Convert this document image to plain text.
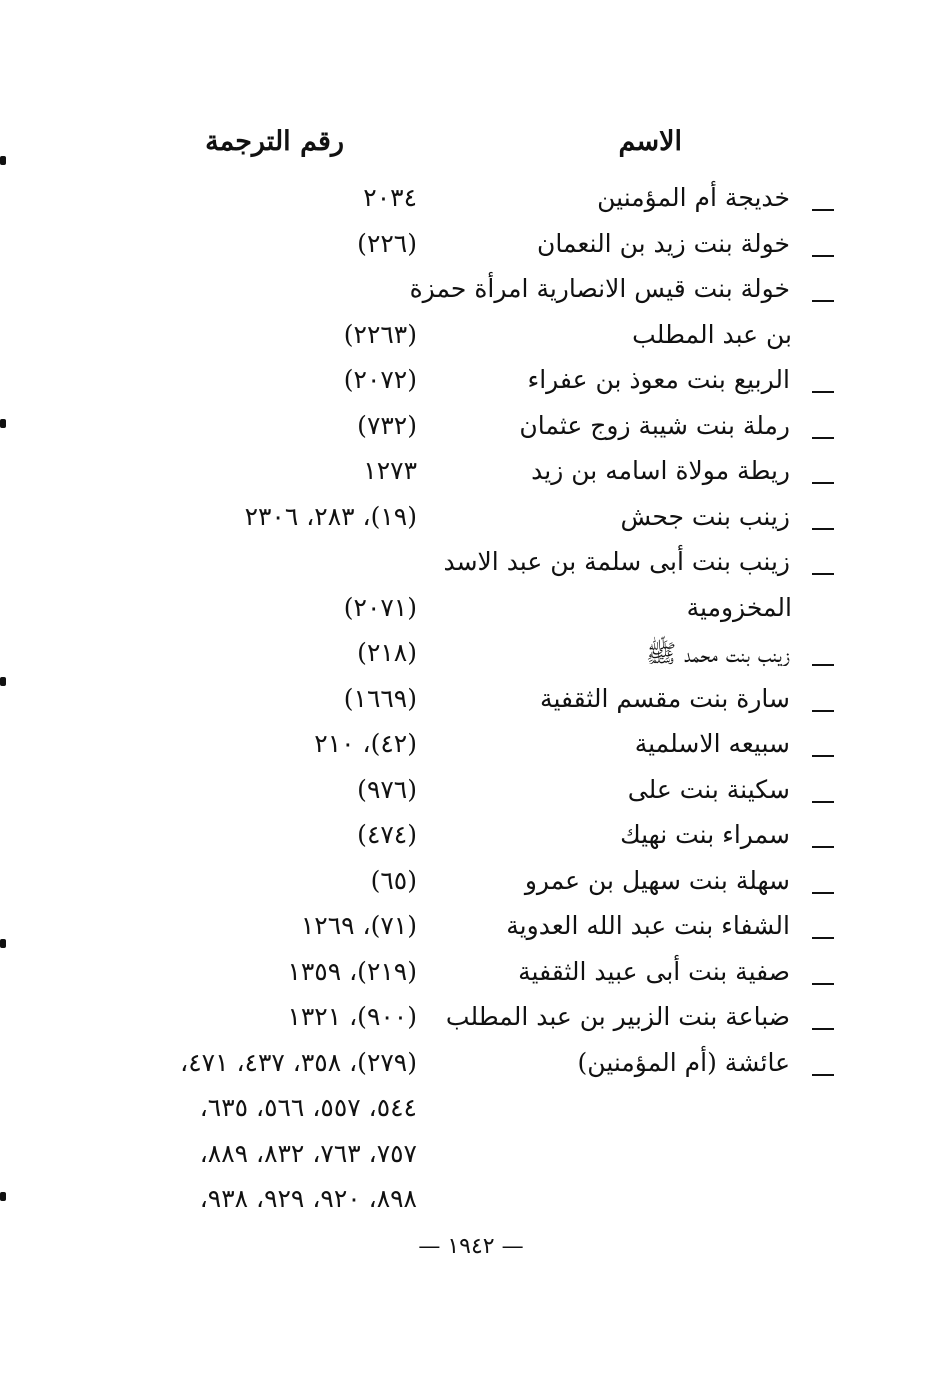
الاسم
رقم الترجمة
خديجة أم المؤمنين
٢٠٣٤
خولة بنت زيد بن النعمان
(٢٢٦)
خولة بنت قيس الانصارية امرأة حمزة
بن عبد المطلب
(٢٢٦٣)
الربيع بنت معوذ بن عفراء
(٢٠٧٢)
رملة بنت شيبة زوج عثمان
(٧٣٢)
ريطة مولاة اسامه بن زيد
١٢٧٣
زينب بنت جحش
(١٩)، ٢٨٣، ٢٣٠٦
زينب بنت أبى سلمة بن عبد الاسد
المخزومية
(٢٠٧١)
زينب بنت محمد ﷺ
(٢١٨)
سارة بنت مقسم الثقفية
(١٦٦٩)
سبيعه الاسلمية
(٤٢)، ٢١٠
سكينة بنت على
(٩٧٦)
سمراء بنت نهيك
(٤٧٤)
سهلة بنت سهيل بن عمرو
(٦٥)
الشفاء بنت عبد الله العدوية
(٧١)، ١٢٦٩
صفية بنت أبى عبيد الثقفية
(٢١٩)، ١٣٥٩
ضباعة بنت الزبير بن عبد المطلب
(٩٠٠)، ١٣٢١
عائشة (أم المؤمنين)
(٢٧٩)، ٣٥٨، ٤٣٧، ٤٧١،
٥٤٤، ٥٥٧، ٥٦٦، ٦٣٥،
٧٥٧، ٧٦٣، ٨٣٢، ٨٨٩،
٨٩٨، ٩٢٠، ٩٢٩، ٩٣٨،
— ١٩٤٢ —
